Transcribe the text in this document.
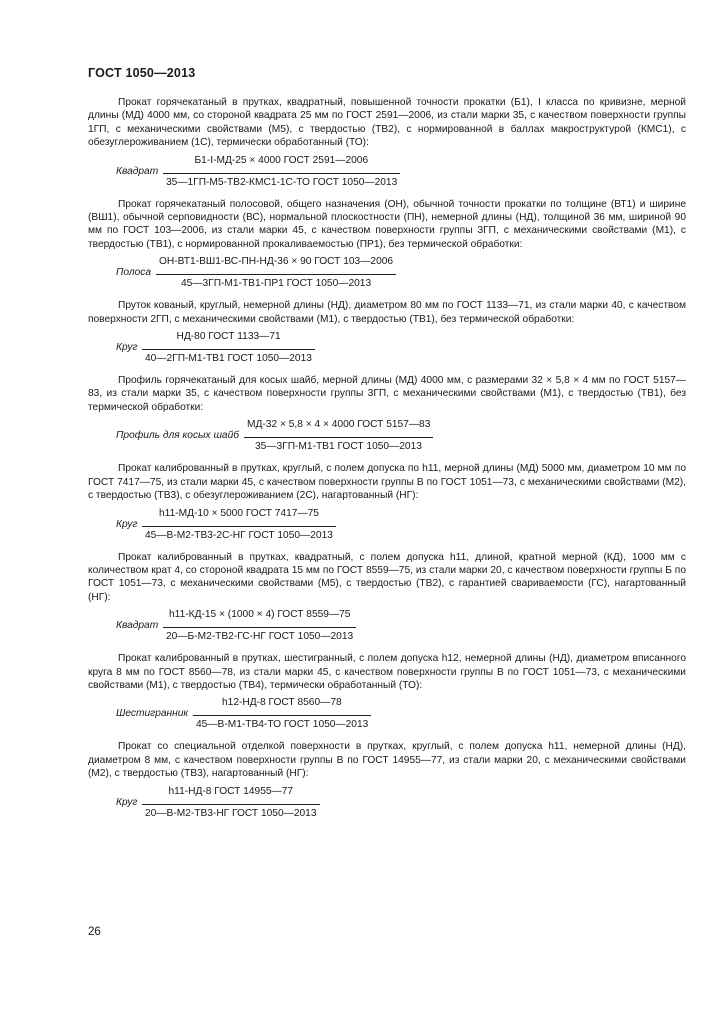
ГОСТ 1050—2013

Прокат горячекатаный в прутках, квадратный, повышенной точности прокатки (Б1), I класса по кривизне, мерной длины (МД) 4000 мм, со стороной квадрата 25 мм по ГОСТ 2591—2006, из стали марки 35, с качеством поверхности группы 1ГП, с механическими свойствами (М5), с твердостью (ТВ2), с нормированной в баллах макроструктурой (КМС1), с обезуглероживанием (1С), термически обработанный (ТО):

Квадрат
Б1-I-МД-25 × 4000 ГОСТ 2591—2006
35—1ГП-М5-ТВ2-КМС1-1С-ТО ГОСТ 1050—2013

Прокат горячекатаный полосовой, общего назначения (ОН), обычной точности прокатки по толщине (ВТ1) и ширине (ВШ1), обычной серповидности (ВС), нормальной плоскостности (ПН), немерной длины (НД), толщиной 36 мм, шириной 90 мм по ГОСТ 103—2006, из стали марки 45, с качеством поверхности группы 3ГП, с механическими свойствами (М1), с твердостью (ТВ1), с нормированной прокаливаемостью (ПР1), без термической обработки:

Полоса
ОН-ВТ1-ВШ1-ВС-ПН-НД-36 × 90 ГОСТ 103—2006
45—3ГП-М1-ТВ1-ПР1 ГОСТ 1050—2013

Пруток кованый, круглый, немерной длины (НД), диаметром 80 мм по ГОСТ 1133—71, из стали марки 40, с качеством поверхности 2ГП, с механическими свойствами (М1), с твердостью (ТВ1), без термической обработки:

Круг
НД-80 ГОСТ 1133—71
40—2ГП-М1-ТВ1 ГОСТ 1050—2013

Профиль горячекатаный для косых шайб, мерной длины (МД) 4000 мм, с размерами 32 × 5,8 × 4 мм по ГОСТ 5157—83, из стали марки 35, с качеством поверхности группы 3ГП, с механическими свойствами (М1), с твердостью (ТВ1), без термической обработки:

Профиль для косых шайб
МД-32 × 5,8 × 4 × 4000 ГОСТ 5157—83
35—3ГП-М1-ТВ1 ГОСТ 1050—2013

Прокат калиброванный в прутках, круглый, с полем допуска по h11, мерной длины (МД) 5000 мм, диаметром 10 мм по ГОСТ 7417—75, из стали марки 45, с качеством поверхности группы В по ГОСТ 1051—73, с механическими свойствами (М2), с твердостью (ТВ3), с обезуглероживанием (2С), нагартованный (НГ):

Круг
h11-МД-10 × 5000 ГОСТ 7417—75
45—В-М2-ТВ3-2С-НГ ГОСТ 1050—2013

Прокат калиброванный в прутках, квадратный, с полем допуска h11, длиной, кратной мерной (КД), 1000 мм с количеством крат 4, со стороной квадрата 15 мм по ГОСТ 8559—75, из стали марки 20, с качеством поверхности группы Б по ГОСТ 1051—73, с механическими свойствами (М5), с твердостью (ТВ2), с гарантией свариваемости (ГС), нагартованный (НГ):

Квадрат
h11-КД-15 × (1000 × 4) ГОСТ 8559—75
20—Б-М2-ТВ2-ГС-НГ ГОСТ 1050—2013

Прокат калиброванный в прутках, шестигранный, с полем допуска h12, немерной длины (НД), диаметром вписанного круга 8 мм по ГОСТ 8560—78, из стали марки 45, с качеством поверхности группы В по ГОСТ 1051—73, с механическими свойствами (М1), с твердостью (ТВ4), термически обработанный (ТО):

Шестигранник
h12-НД-8 ГОСТ 8560—78
45—В-М1-ТВ4-ТО ГОСТ 1050—2013

Прокат со специальной отделкой поверхности в прутках, круглый, с полем допуска h11, немерной длины (НД), диаметром 8 мм, с качеством поверхности группы В по ГОСТ 14955—77, из стали марки 20, с механическими свойствами (М2), с твердостью (ТВ3), нагартованный (НГ):

Круг
h11-НД-8 ГОСТ 14955—77
20—В-М2-ТВ3-НГ ГОСТ 1050—2013
26
